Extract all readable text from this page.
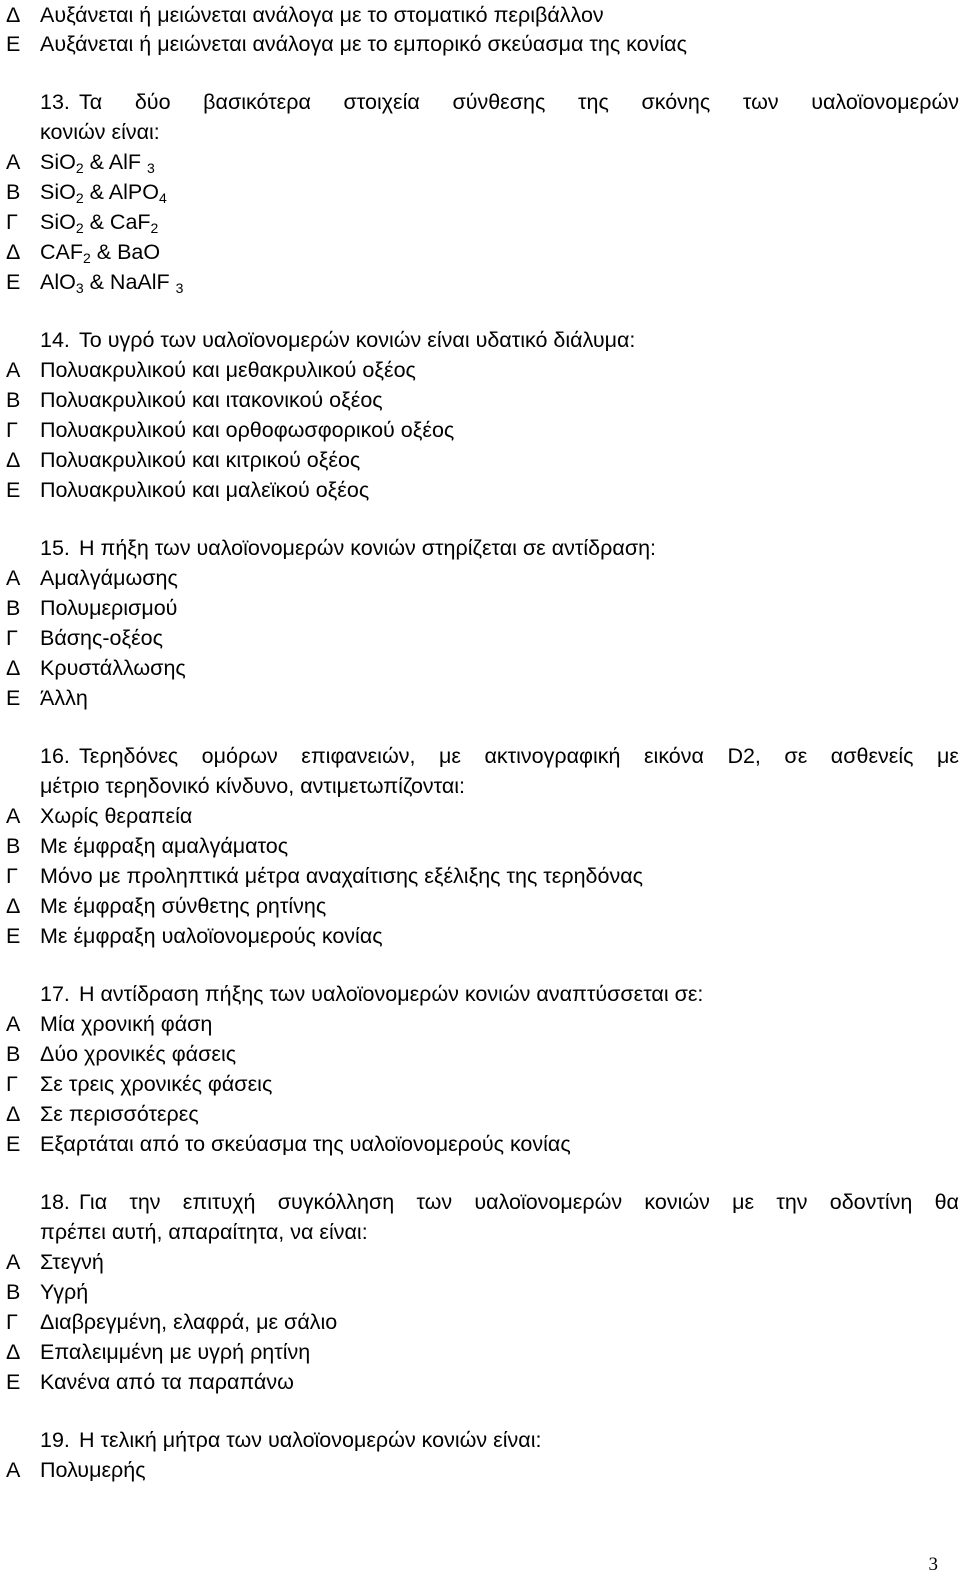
Δ Αυξάνεται ή μειώνεται ανάλογα με το στοματικό περιβάλλον
Ε Αυξάνεται ή μειώνεται ανάλογα με το εμπορικό σκεύασμα της κονίας
13. Τα δύο βασικότερα στοιχεία σύνθεσης της σκόνης των υαλοϊονομερών
κονιών είναι:
Α SiO$_2$ & AlF $_3$
Β SiO$_2$ & AlPO$_4$
Γ SiO$_2$ & CaF$_2$
Δ $CAF_2$ & BaO
Ε AlO$_3$ & NaAlF $_3$
14. Το υγρό των υαλοϊονομερών κονιών είναι υδατικό διάλυμα:
Α Πολυακρυλικού και μεθακρυλικού οξέος
Β Πολυακρυλικού και ιτακονικού οξέος
Γ Πολυακρυλικού και ορθοφωσφορικού οξέος
Δ Πολυακρυλικού και κιτρικού οξέος
Ε Πολυακρυλικού και μαλεϊκού οξέος
15. Η πήξη των υαλοϊονομερών κονιών στηρίζεται σε αντίδραση:
Α Αμαλγάμωσης
Β Πολυμερισμού
Γ Βάσης-οξέος
Δ Κρυστάλλωσης
Ε Άλλη
16. Τερηδόνες ομόρων επιφανειών, με ακτινογραφική εικόνα D2, σε ασθενείς με
μέτριο τερηδονικό κίνδυνο, αντιμετωπίζονται:
Α Χωρίς θεραπεία
Β Με έμφραξη αμαλγάματος
Γ Μόνο με προληπτικά μέτρα αναχαίτισης εξέλιξης της τερηδόνας
Δ Με έμφραξη σύνθετης ρητίνης
Ε Με έμφραξη υαλοϊονομερούς κονίας
17. Η αντίδραση πήξης των υαλοϊονομερών κονιών αναπτύσσεται σε:
Α Μία χρονική φάση
Β Δύο χρονικές φάσεις
Γ Σε τρεις χρονικές φάσεις
Δ Σε περισσότερες
Ε Εξαρτάται από το σκεύασμα της υαλοϊονομερούς κονίας
18. Για την επιτυχή συγκόλληση των υαλοϊονομερών κονιών με την οδοντίνη θα
πρέπει αυτή, απαραίτητα, να είναι:
Α Στεγνή
Β Υγρή
Γ Διαβρεγμένη, ελαφρά, με σάλιο
Δ Επαλειμμένη με υγρή ρητίνη
Ε Κανένα από τα παραπάνω
19. Η τελική μήτρα των υαλοϊονομερών κονιών είναι:
Α Πολυμερής
3
